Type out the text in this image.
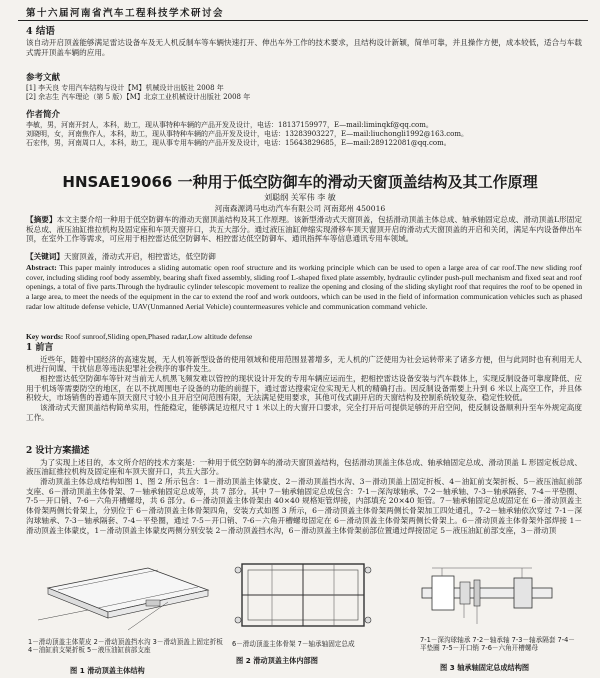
第十六届河南省汽车工程科技学术研讨会
4 结语
该自动开启顶盖能够满足雷达设备车及无人机反制车等车辆快速打开、伸出车外工作的技术要求，且结构设计新颖，简单可靠，并且操作方便，成本较低，适合与车载式需开顶盖车辆的应用。
参考文献
[1] 李天良 专用汽车结构与设计【M】机械设计出版社 2008 年
[2] 余志生 汽车理论（第 5 版）【M】北京工业机械设计出版社 2008 年
作者简介
李敏，男，河南开封人，本科，助工，现从事特种车辆的产品开发及设计，电话：18137159977，E—mail:liminqkf@qq.com。
刘晓明，女，河南焦作人，本科，助工，现从事特种车辆的产品开发及设计，电话：13283903227，E—mail:liuchongli1992@163.com。
石宏伟，男，河南周口人，本科，助工，现从事专用车辆的产品开发及设计，电话：15643829685，E—mail:289122081@qq.com。
HNSAE19066 一种用于低空防御车的滑动天窗顶盖结构及其工作原理
刘聪纲 关军伟 李 敏
河南森源鸿马电动汽车有限公司 河南郑州 450016
【摘要】本文主要介绍一种用于低空防御车的滑动天窗顶盖结构及其工作原理。该新型滑动式天窗顶盖，包括滑动顶盖主体总成、轴承轴固定总成、滑动顶盖L形固定板总成、液压油缸推拉机构及固定座和车顶天窗开口，共五大部分。通过液压油缸伸缩实现滑移车顶天窗顶开启的滑动式天窗顶盖的开启和关闭，满足车内设备伸出车顶，在室外工作等需求，可应用于相控雷达低空防御车、相控雷达低空防御车、通讯指挥车等信息通讯专用车领域。
【关键词】天窗顶盖，滑动式开启，相控雷达，低空防御
Abstract: This paper mainly introduces a sliding automatic open roof structure and its working principle which can be used to open a large area of car roof.The new sliding roof cover, including sliding roof body assembly, bearing shaft fixed assembly, sliding roof L-shaped fixed plate assembly, hydraulic cylinder push-pull mechanism and fixed seat and roof openings, a total of five parts.Through the hydraulic cylinder telescopic movement to realize the opening and closing of the sliding skylight roof that requires the roof to be opened in a large area, to meet the needs of the equipment in the car to extend the roof and work outdoors, which can be used in the field of information communication vehicles such as phased radar low altitude defense vehicle, UAV(Unmanned Aerial Vehicle) countermeasures vehicle and communication command vehicle.
Key words: Roof sunroof,Sliding open,Phased radar,Low altitude defense
1 前言
近些年，随着中国经济的高速发展，无人机等新型设备的使用领域和使用范围显著增多，无人机的广泛使用为社会运转带来了诸多方便，但与此同时也有利用无人机进行间谍、干扰信息等违法犯罪社会秩序的事件发生。
相控雷达低空防御车等针对当前无人机黑飞频发难以管控的现状设计开发的专用车辆应运而生，把相控雷达设备安装与汽车载体上，实现反制设备可靠度降低、应用于机场等需要防空的地区，在以不扰周围电子设备的功能的前提下，通过雷达搜索定位实现无人机的精确打击。因反制设备需要上升到 6 米以上高空工作，并且体积较大，市场销售的普通车顶天窗尺寸较小且开启空间范围有限，无法满足使用要求，其他可伐式副开启的天窗结构及控制系统较复杂、稳定性较低。
该滑动式天窗顶盖结构简单实用，性能稳定，能够满足边框尺寸 1 米以上的大窗开口要求，完全打开后可提供足够的开启空间，使反制设备顺利升至车外规定高度工作。
2 设计方案描述
为了实现上述目的，本文所介绍的技术方案是：一种用于低空防御车的滑动天窗顶盖结构，包括滑动顶盖主体总成、轴承轴固定总成、滑动顶盖 L 形固定板总成、液压油缸推拉机构及固定座和车顶天窗开口，共五大部分。
滑动顶盖主体总成结构如图 1、图 2 所示包含：1－滑动顶盖主体蒙皮、2－滑动顶盖挡水沟、3－滑动顶盖上固定折板、4－油缸前支架折板、5－液压油缸前部支座、6－滑动顶盖主体骨架、7－轴承轴固定总成等，共 7 部分。其中 7－轴承轴固定总成包含：7-1－深沟球轴承、7-2－轴承轴、7-3－轴承隔套、7-4－平垫圈、7-5－开口销、7-6－六角开槽螺母，共 6 部分。6－滑动顶盖主体骨架由 40×40 规格矩管焊接，内部填充 20×40 矩管。7－轴承轴固定总成固定在 6－滑动顶盖主体骨架两侧长骨架上，分别位于 6－滑动顶盖主体骨架四角，安装方式如图 3 所示，6－滑动顶盖主体骨架两侧长骨架加工四处通孔，7-2－轴承轴依次穿过 7-1－深沟球轴承、7-3－轴承隔套、7-4－平垫圈，通过 7-5－开口销、7-6－六角开槽螺母固定在 6－滑动顶盖主体骨架两侧长骨架上。6－滑动顶盖主体骨架外部焊接 1－滑动顶盖主体蒙皮，1－滑动顶盖主体蒙皮两侧分别安装 2－滑动顶盖挡水沟，6－滑动顶盖主体骨架前部位置通过焊接固定 5－液压油缸前部支座，3－滑动顶
1－滑动顶盖主体蒙皮 2－滑动顶盖挡水沟 3－滑动顶盖上固定折板 4－油缸前支架折板 5－液压油缸前部支座
图 1 滑动顶盖主体结构
6－滑动顶盖主体骨架 7－轴承轴固定总成
图 2 滑动顶盖主体内部图
7-1－深沟球轴承 7-2－轴承轴 7-3－轴承隔套 7-4－平垫圈 7-5－开口销 7-6－六角开槽螺母
图 3 轴承轴固定总成结构图
